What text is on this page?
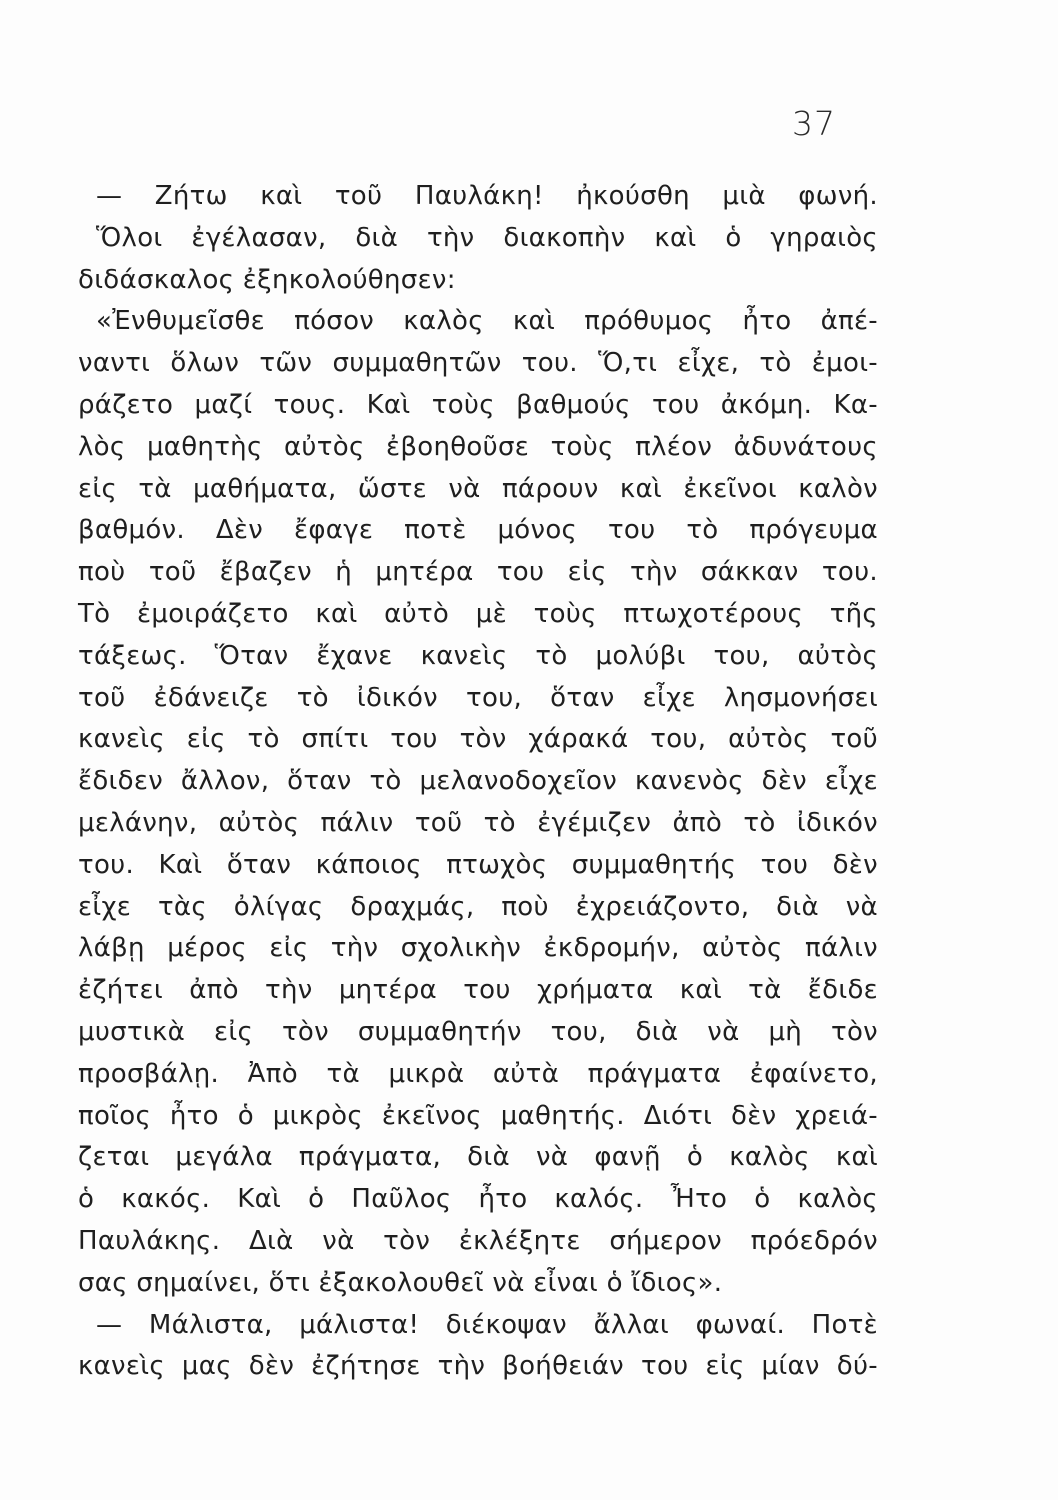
37
— Ζήτω καὶ τοῦ Παυλάκη! ἠκούσθη μιὰ φωνή.
Ὅλοι ἐγέλασαν, διὰ τὴν διακοπὴν καὶ ὁ γηραιὸς
διδάσκαλος ἐξηκολούθησεν:
«Ἐνθυμεῖσθε πόσον καλὸς καὶ πρόθυμος ἦτο ἀπέ-
ναντι ὅλων τῶν συμμαθητῶν του. Ὅ,τι εἶχε, τὸ ἐμοι-
ράζετο μαζί τους. Καὶ τοὺς βαθμούς του ἀκόμη. Κα-
λὸς μαθητὴς αὐτὸς ἐβοηθοῦσε τοὺς πλέον ἀδυνάτους
εἰς τὰ μαθήματα, ὥστε νὰ πάρουν καὶ ἐκεῖνοι καλὸν
βαθμόν. Δὲν ἔφαγε ποτὲ μόνος του τὸ πρόγευμα
ποὺ τοῦ ἔβαζεν ἡ μητέρα του εἰς τὴν σάκκαν του.
Τὸ ἐμοιράζετο καὶ αὐτὸ μὲ τοὺς πτωχοτέρους τῆς
τάξεως. Ὅταν ἔχανε κανεὶς τὸ μολύβι του, αὐτὸς
τοῦ ἐδάνειζε τὸ ἰδικόν του, ὅταν εἶχε λησμονήσει
κανεὶς εἰς τὸ σπίτι του τὸν χάρακά του, αὐτὸς τοῦ
ἔδιδεν ἄλλον, ὅταν τὸ μελανοδοχεῖον κανενὸς δὲν εἶχε
μελάνην, αὐτὸς πάλιν τοῦ τὸ ἐγέμιζεν ἀπὸ τὸ ἰδικόν
του. Καὶ ὅταν κάποιος πτωχὸς συμμαθητής του δὲν
εἶχε τὰς ὀλίγας δραχμάς, ποὺ ἐχρειάζοντο, διὰ νὰ
λάβῃ μέρος εἰς τὴν σχολικὴν ἐκδρομήν, αὐτὸς πάλιν
ἐζήτει ἀπὸ τὴν μητέρα του χρήματα καὶ τὰ ἔδιδε
μυστικὰ εἰς τὸν συμμαθητήν του, διὰ νὰ μὴ τὸν
προσβάλῃ. Ἀπὸ τὰ μικρὰ αὐτὰ πράγματα ἐφαίνετο,
ποῖος ἦτο ὁ μικρὸς ἐκεῖνος μαθητής. Διότι δὲν χρειά-
ζεται μεγάλα πράγματα, διὰ νὰ φανῇ ὁ καλὸς καὶ
ὁ κακός. Καὶ ὁ Παῦλος ἦτο καλός. Ἦτο ὁ καλὸς
Παυλάκης. Διὰ νὰ τὸν ἐκλέξητε σήμερον πρόεδρόν
σας σημαίνει, ὅτι ἐξακολουθεῖ νὰ εἶναι ὁ ἴδιος».
— Μάλιστα, μάλιστα! διέκοψαν ἄλλαι φωναί. Ποτὲ
κανεὶς μας δὲν ἐζήτησε τὴν βοήθειάν του εἰς μίαν δύ-
